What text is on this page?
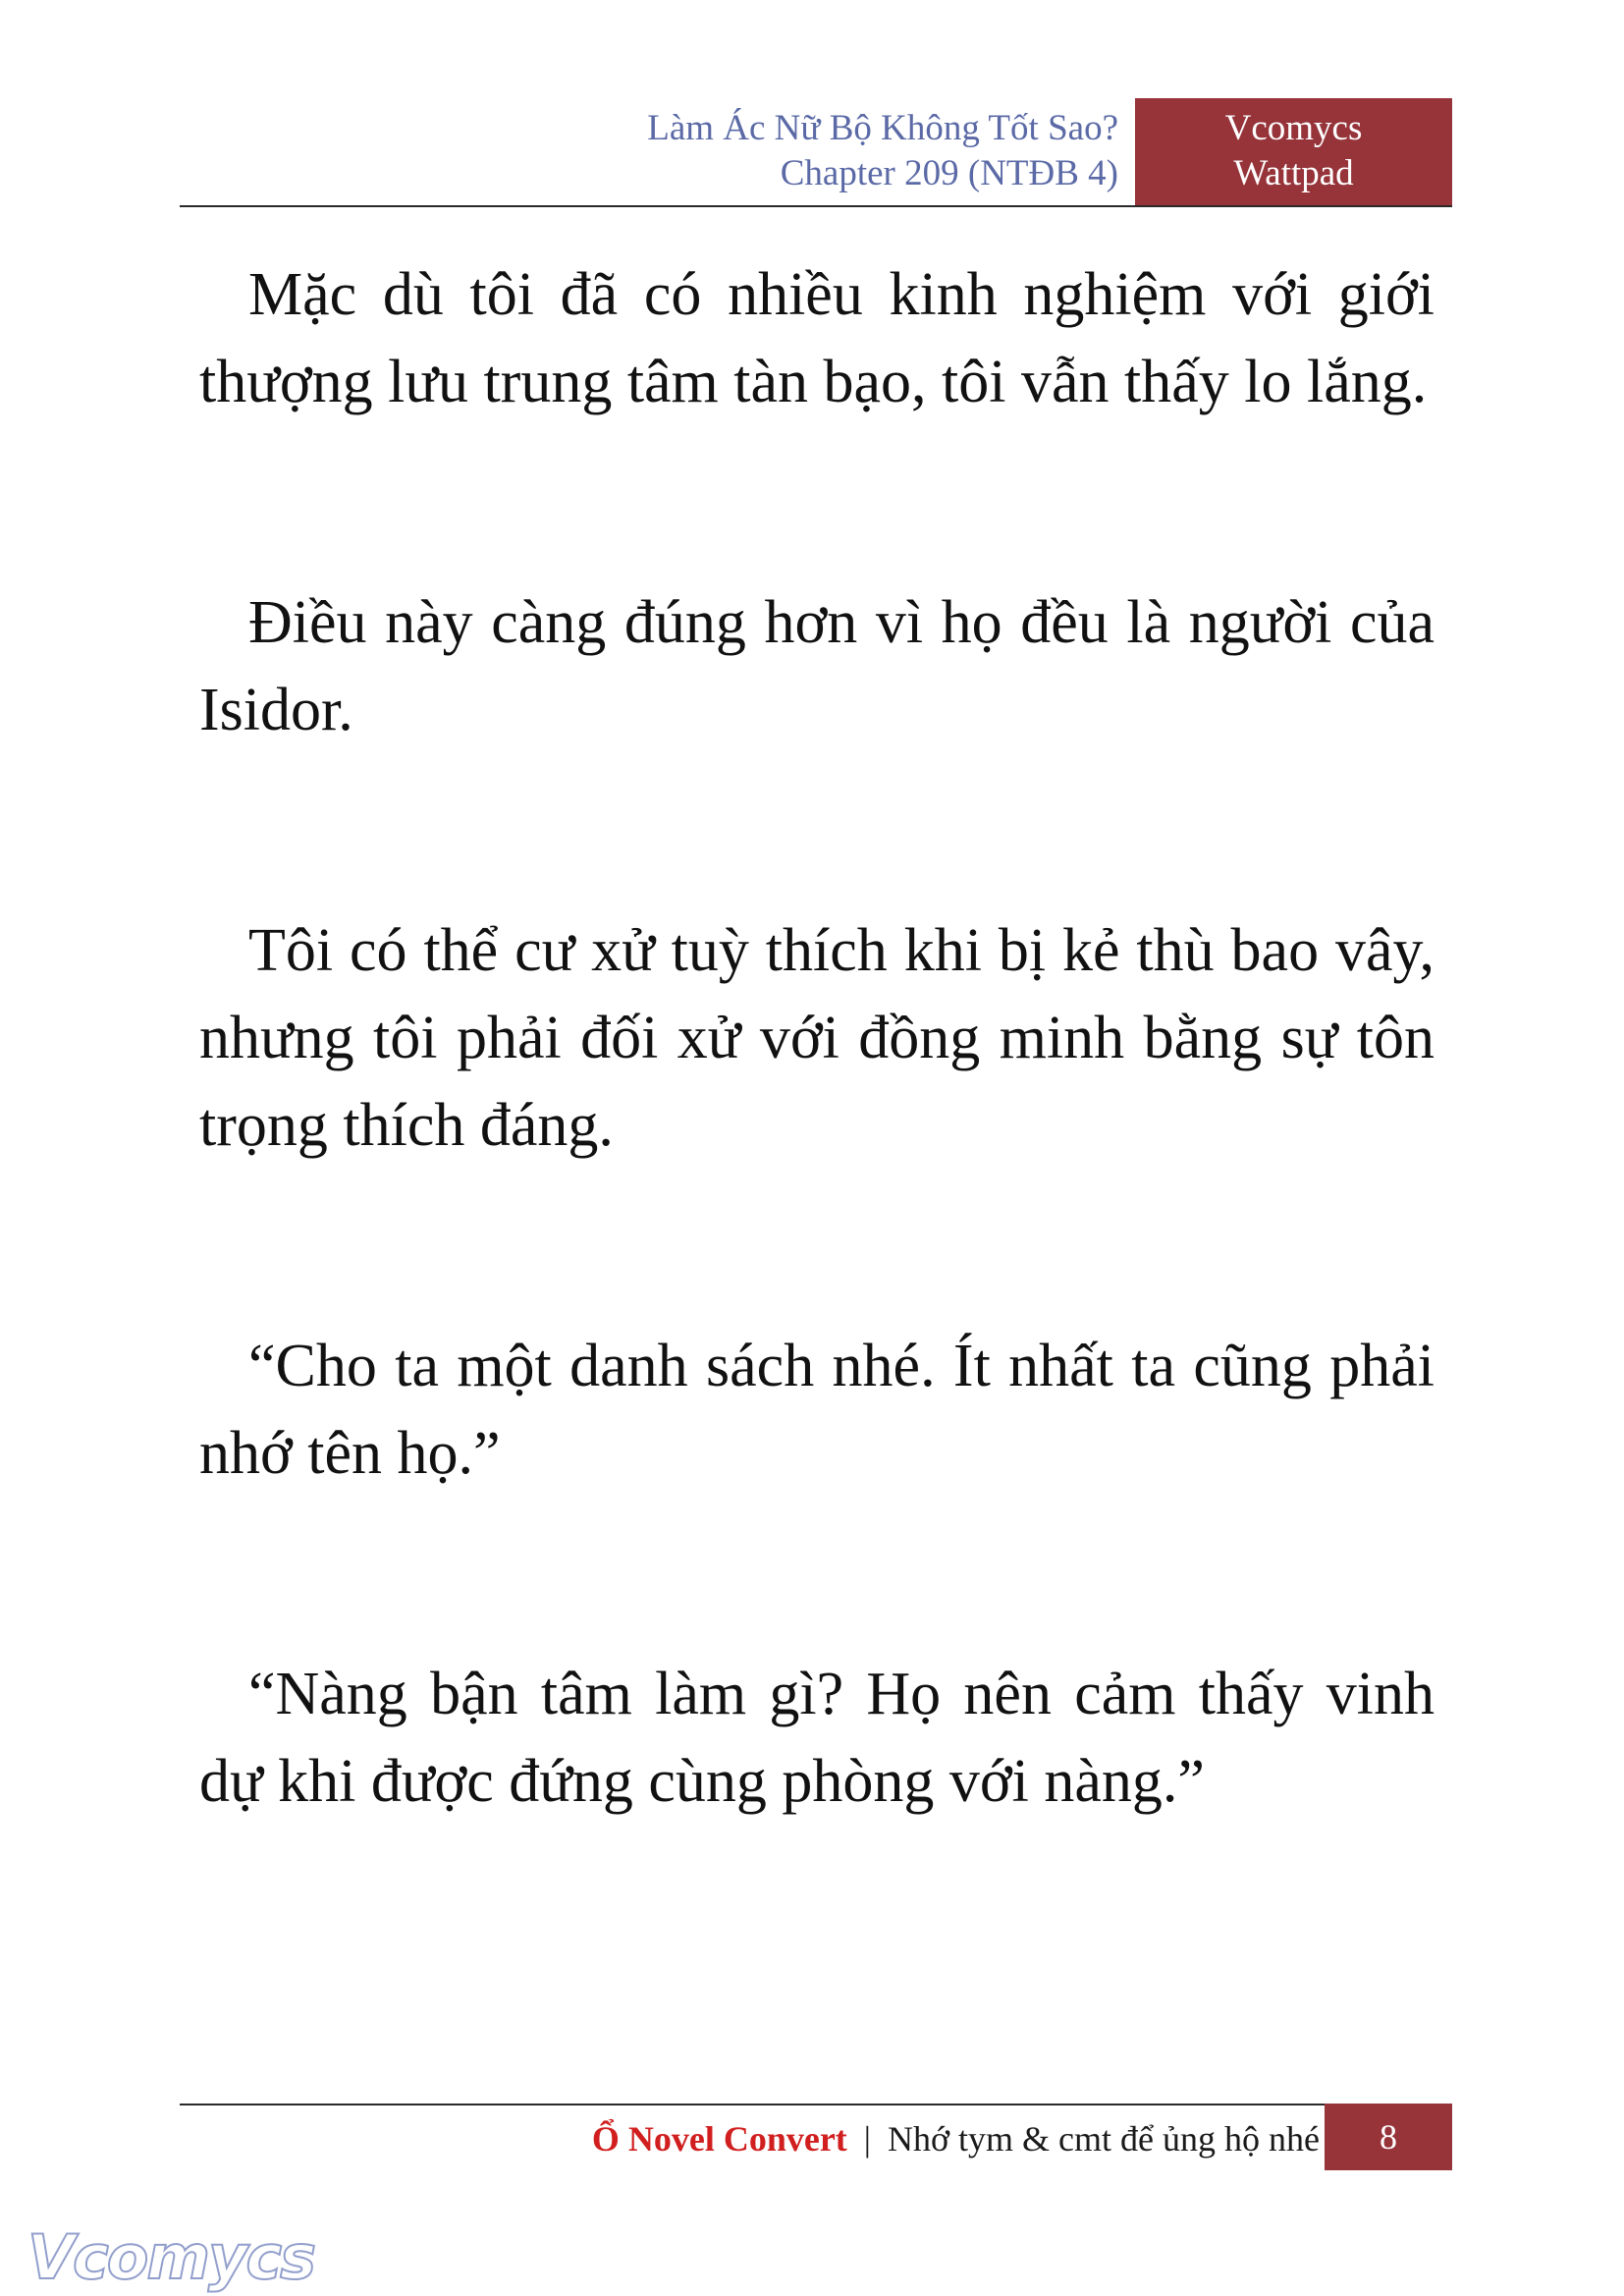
Làm Ác Nữ Bộ Không Tốt Sao?
Chapter 209 (NTĐB 4)
Vcomycs
Wattpad

Mặc dù tôi đã có nhiều kinh nghiệm với giới thượng lưu trung tâm tàn bạo, tôi vẫn thấy lo lắng.

Điều này càng đúng hơn vì họ đều là người của Isidor.

Tôi có thể cư xử tuỳ thích khi bị kẻ thù bao vây, nhưng tôi phải đối xử với đồng minh bằng sự tôn trọng thích đáng.

“Cho ta một danh sách nhé. Ít nhất ta cũng phải nhớ tên họ.”

“Nàng bận tâm làm gì? Họ nên cảm thấy vinh dự khi được đứng cùng phòng với nàng.”

Ổ Novel Convert | Nhớ tym & cmt để ủng hộ nhé	8
Vcomycs
